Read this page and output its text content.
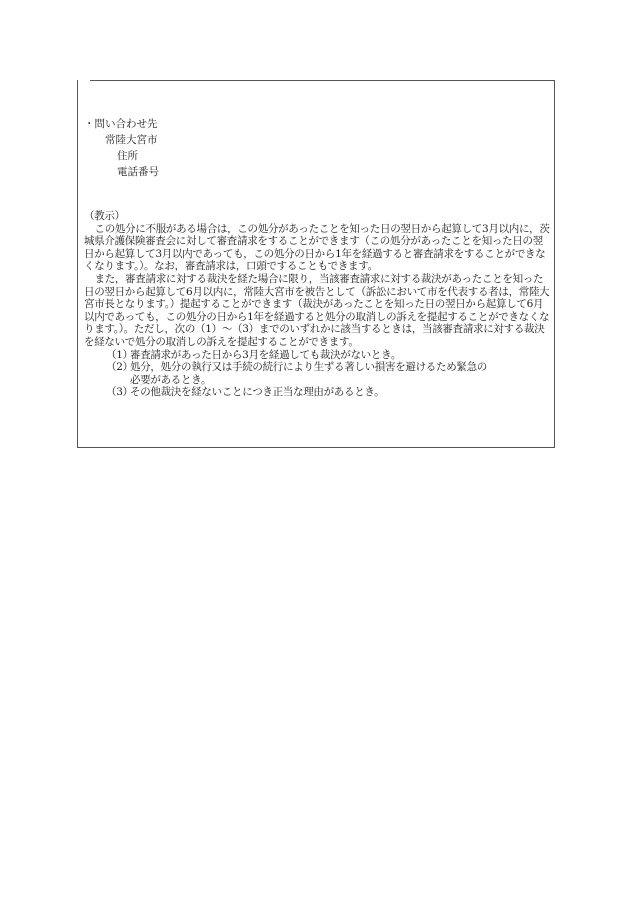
・問い合わせ先
常陸大宮市
住所
電話番号

（教示）

この処分に不服がある場合は，この処分があったことを知った日の翌日から起算して3月以内に，茨城県介護保険審査会に対して審査請求をすることができます（この処分があったことを知った日の翌日から起算して3月以内であっても，この処分の日から1年を経過すると審査請求をすることができなくなります。）。なお，審査請求は，口頭ですることもできます。

また，審査請求に対する裁決を経た場合に限り，当該審査請求に対する裁決があったことを知った日の翌日から起算して6月以内に，常陸大宮市を被告として（訴訟において市を代表する者は，常陸大宮市長となります。）提起することができます（裁決があったことを知った日の翌日から起算して6月以内であっても，この処分の日から1年を経過すると処分の取消しの訴えを提起することができなくなります。）。ただし，次の（1）～（3）までのいずれかに該当するときは，当該審査請求に対する裁決を経ないで処分の取消しの訴えを提起することができます。

（1）審査請求があった日から3月を経過しても裁決がないとき。

（2）処分，処分の執行又は手続の続行により生ずる著しい損害を避けるため緊急の
必要があるとき。

（3）その他裁決を経ないことにつき正当な理由があるとき。
